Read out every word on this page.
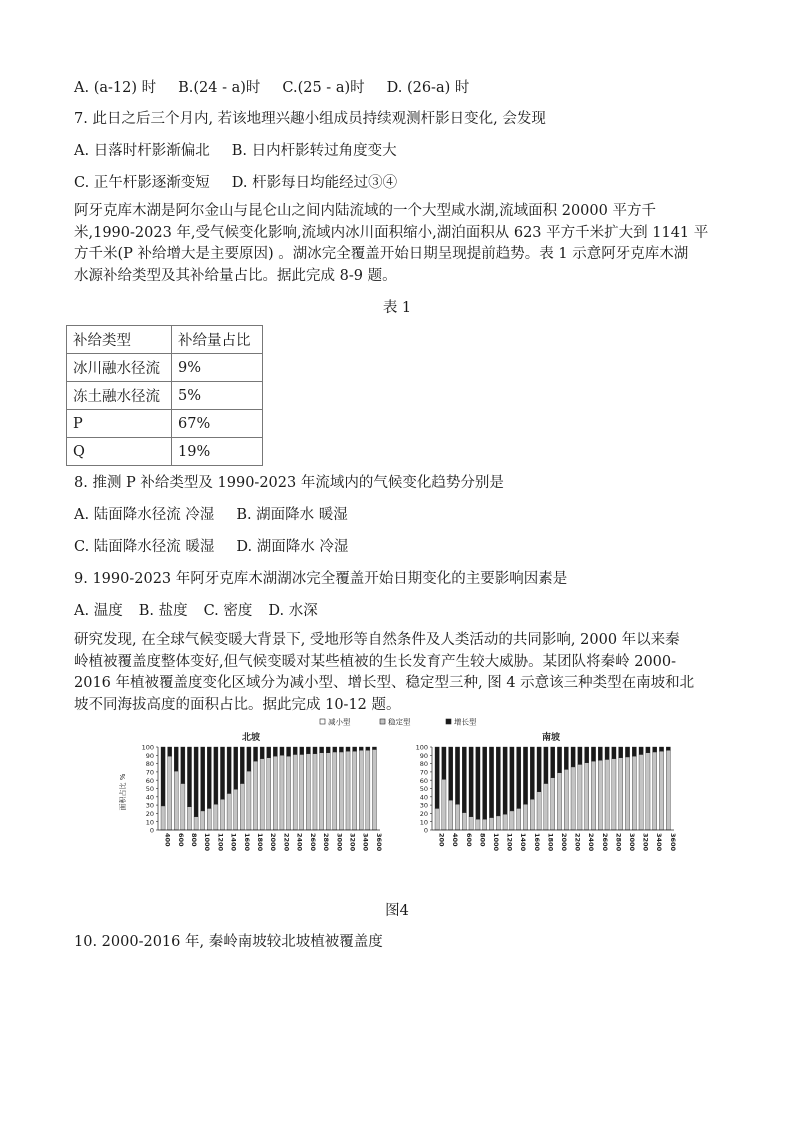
A. (a-12) 时 B.(24 - a)时 C.(25 - a)时 D. (26-a) 时
7. 此日之后三个月内, 若该地理兴趣小组成员持续观测杆影日变化, 会发现
A. 日落时杆影渐偏北 B. 日内杆影转过角度变大
C. 正午杆影逐渐变短 D. 杆影每日均能经过③④
阿牙克库木湖是阿尔金山与昆仑山之间内陆流域的一个大型咸水湖,流域面积 20000 平方千
米,1990-2023 年,受气候变化影响,流域内冰川面积缩小,湖泊面积从 623 平方千米扩大到 1141 平
方千米(P 补给增大是主要原因) 。湖冰完全覆盖开始日期呈现提前趋势。表 1 示意阿牙克库木湖
水源补给类型及其补给量占比。据此完成 8-9 题。
表 1
补给类型	补给量占比
冰川融水径流	9%
冻土融水径流	5%
P	67%
Q	19%
8. 推测 P 补给类型及 1990-2023 年流域内的气候变化趋势分别是
A. 陆面降水径流 冷湿 B. 湖面降水 暖湿
C. 陆面降水径流 暖湿 D. 湖面降水 冷湿
9. 1990-2023 年阿牙克库木湖湖冰完全覆盖开始日期变化的主要影响因素是
A. 温度 B. 盐度 C. 密度 D. 水深
研究发现, 在全球气候变暖大背景下, 受地形等自然条件及人类活动的共同影响, 2000 年以来秦
岭植被覆盖度整体变好,但气候变暖对某些植被的生长发育产生较大威胁。某团队将秦岭 2000-
2016 年植被覆盖度变化区域分为减小型、增长型、稳定型三种, 图 4 示意该三种类型在南坡和北
坡不同海拔高度的面积占比。据此完成 10-12 题。
减小型	稳定型	增长型
北坡
0
10
20
30
40
50
60
70
80
90
100
400 600 800 1000 1200 1400 1600 1800 2000 2200 2400 2600 2800 3000 3200 3400 3600
南坡
0
10
20
30
40
50
60
70
80
90
100
200 400 600 800 1000 1200 1400 1600 1800 2000 2200 2400 2600 2800 3000 3200 3400 3600
面积占比 %
图4
10. 2000-2016 年, 秦岭南坡较北坡植被覆盖度
